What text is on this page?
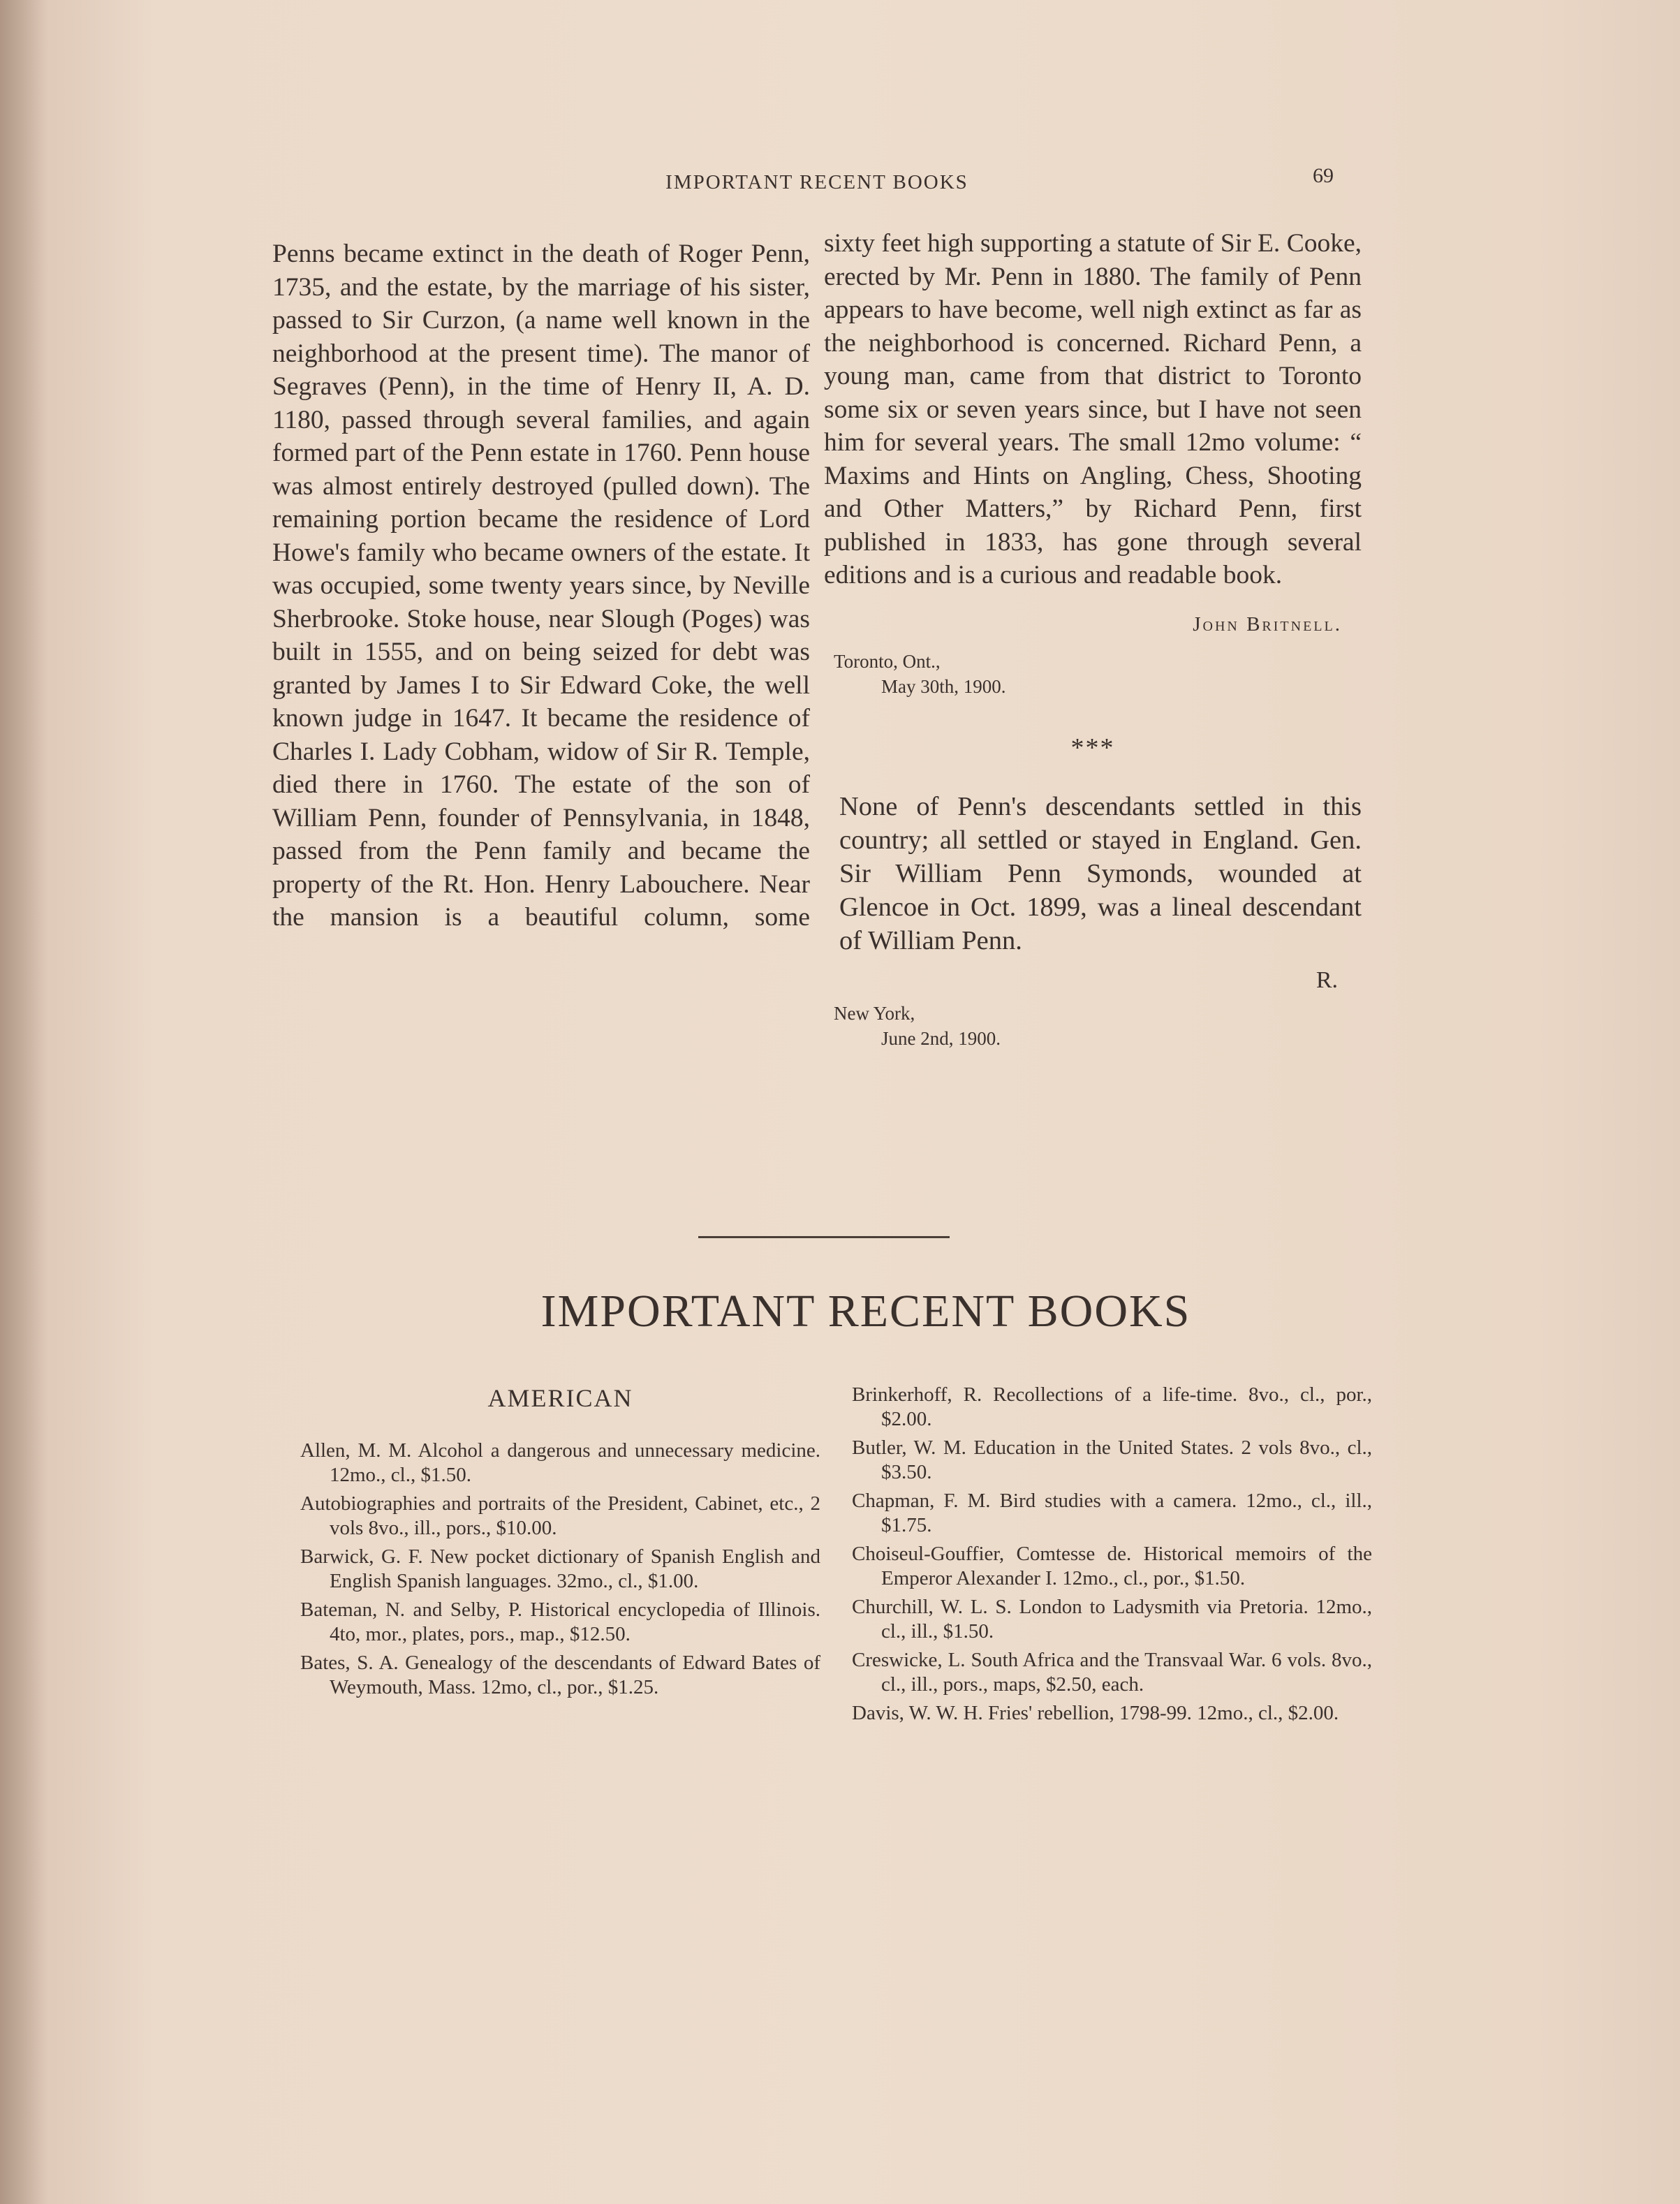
IMPORTANT RECENT BOOKS	69

Penns became extinct in the death of Roger Penn, 1735, and the estate, by the marriage of his sister, passed to Sir Curzon, (a name well known in the neighborhood at the present time). The manor of Segraves (Penn), in the time of Henry II, A. D. 1180, passed through several families, and again formed part of the Penn estate in 1760. Penn house was almost entirely destroyed (pulled down). The remaining portion became the residence of Lord Howe's family who became owners of the estate. It was occupied, some twenty years since, by Neville Sherbrooke. Stoke house, near Slough (Poges) was built in 1555, and on being seized for debt was granted by James I to Sir Edward Coke, the well known judge in 1647. It became the residence of Charles I. Lady Cobham, widow of Sir R. Temple, died there in 1760. The estate of the son of William Penn, founder of Pennsylvania, in 1848, passed from the Penn family and became the property of the Rt. Hon. Henry Labouchere. Near the mansion is a beautiful column, some

sixty feet high supporting a statute of Sir E. Cooke, erected by Mr. Penn in 1880. The family of Penn appears to have become, well nigh extinct as far as the neighborhood is concerned. Richard Penn, a young man, came from that district to Toronto some six or seven years since, but I have not seen him for several years. The small 12mo volume: “ Maxims and Hints on Angling, Chess, Shooting and Other Matters,” by Richard Penn, first published in 1833, has gone through several editions and is a curious and readable book.

John Britnell.
Toronto, Ont.,
May 30th, 1900.
***

None of Penn's descendants settled in this country; all settled or stayed in England. Gen. Sir William Penn Symonds, wounded at Glencoe in Oct. 1899, was a lineal descendant of William Penn.

R.
New York,
June 2nd, 1900.
IMPORTANT RECENT BOOKS
AMERICAN

Allen, M. M. Alcohol a dangerous and unnecessary medicine. 12mo., cl., $1.50.

Autobiographies and portraits of the President, Cabinet, etc., 2 vols 8vo., ill., pors., $10.00.

Barwick, G. F. New pocket dictionary of Spanish English and English Spanish languages. 32mo., cl., $1.00.

Bateman, N. and Selby, P. Historical encyclopedia of Illinois. 4to, mor., plates, pors., map., $12.50.

Bates, S. A. Genealogy of the descendants of Edward Bates of Weymouth, Mass. 12mo, cl., por., $1.25.

Brinkerhoff, R. Recollections of a life-time. 8vo., cl., por., $2.00.

Butler, W. M. Education in the United States. 2 vols 8vo., cl., $3.50.

Chapman, F. M. Bird studies with a camera. 12mo., cl., ill., $1.75.

Choiseul-Gouffier, Comtesse de. Historical memoirs of the Emperor Alexander I. 12mo., cl., por., $1.50.

Churchill, W. L. S. London to Ladysmith via Pretoria. 12mo., cl., ill., $1.50.

Creswicke, L. South Africa and the Transvaal War. 6 vols. 8vo., cl., ill., pors., maps, $2.50, each.

Davis, W. W. H. Fries' rebellion, 1798-99. 12mo., cl., $2.00.
